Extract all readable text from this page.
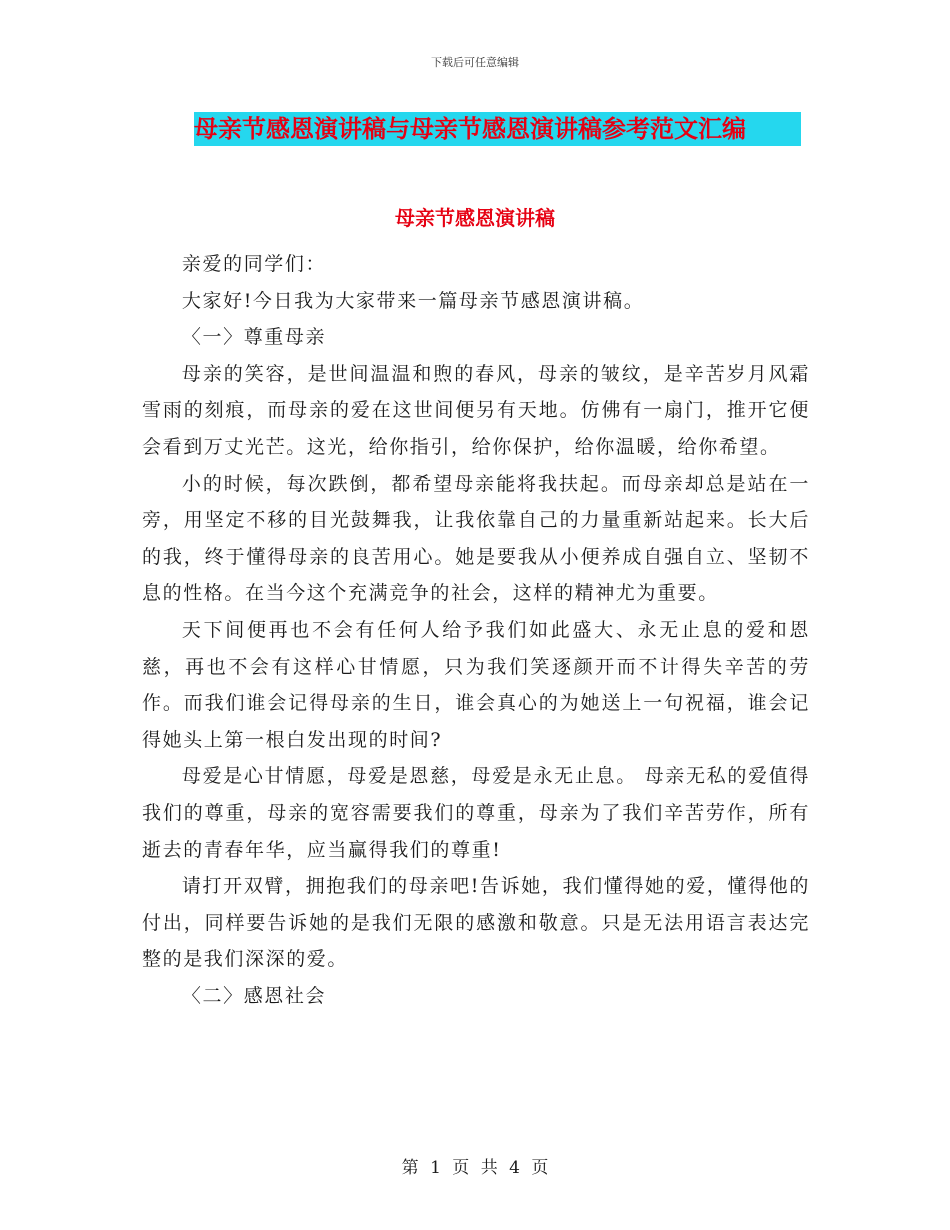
下载后可任意编辑
母亲节感恩演讲稿与母亲节感恩演讲稿参考范文汇编
母亲节感恩演讲稿

亲爱的同学们：

大家好!今日我为大家带来一篇母亲节感恩演讲稿。

〈一〉尊重母亲

母亲的笑容，是世间温温和煦的春风，母亲的皱纹，是辛苦岁月风霜雪雨的刻痕，而母亲的爱在这世间便另有天地。仿佛有一扇门，推开它便会看到万丈光芒。这光，给你指引，给你保护，给你温暖，给你希望。

小的时候，每次跌倒，都希望母亲能将我扶起。而母亲却总是站在一旁，用坚定不移的目光鼓舞我，让我依靠自己的力量重新站起来。长大后的我，终于懂得母亲的良苦用心。她是要我从小便养成自强自立、坚韧不息的性格。在当今这个充满竞争的社会，这样的精神尤为重要。

天下间便再也不会有任何人给予我们如此盛大、永无止息的爱和恩慈，再也不会有这样心甘情愿，只为我们笑逐颜开而不计得失辛苦的劳作。而我们谁会记得母亲的生日，谁会真心的为她送上一句祝福，谁会记得她头上第一根白发出现的时间?

母爱是心甘情愿，母爱是恩慈，母爱是永无止息。 母亲无私的爱值得我们的尊重，母亲的宽容需要我们的尊重，母亲为了我们辛苦劳作，所有逝去的青春年华，应当赢得我们的尊重!

请打开双臂，拥抱我们的母亲吧!告诉她，我们懂得她的爱，懂得他的付出，同样要告诉她的是我们无限的感激和敬意。只是无法用语言表达完整的是我们深深的爱。

〈二〉感恩社会

第 1 页 共 4 页
